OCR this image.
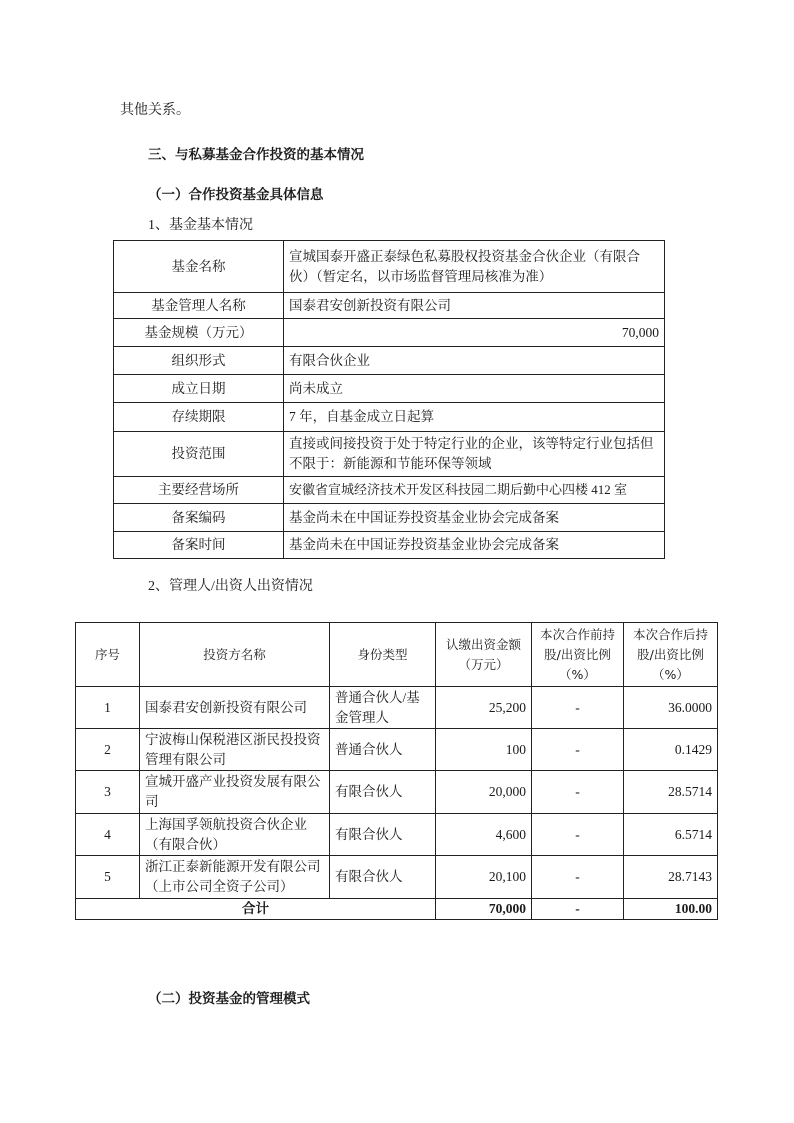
其他关系。
三、与私募基金合作投资的基本情况
（一）合作投资基金具体信息
1、基金基本情况
基金名称	宣城国泰开盛正泰绿色私募股权投资基金合伙企业（有限合伙）（暂定名，以市场监督管理局核准为准）
基金管理人名称	国泰君安创新投资有限公司
基金规模（万元）	70,000
组织形式	有限合伙企业
成立日期	尚未成立
存续期限	7 年，自基金成立日起算
投资范围	直接或间接投资于处于特定行业的企业，该等特定行业包括但不限于：新能源和节能环保等领域
主要经营场所	安徽省宣城经济技术开发区科技园二期后勤中心四楼 412 室
备案编码	基金尚未在中国证券投资基金业协会完成备案
备案时间	基金尚未在中国证券投资基金业协会完成备案
2、管理人/出资人出资情况
序号	投资方名称	身份类型	认缴出资金额（万元）	本次合作前持股/出资比例（%）	本次合作后持股/出资比例（%）
1	国泰君安创新投资有限公司	普通合伙人/基金管理人	25,200	-	36.0000
2	宁波梅山保税港区浙民投投资管理有限公司	普通合伙人	100	-	0.1429
3	宣城开盛产业投资发展有限公司	有限合伙人	20,000	-	28.5714
4	上海国孚领航投资合伙企业（有限合伙）	有限合伙人	4,600	-	6.5714
5	浙江正泰新能源开发有限公司（上市公司全资子公司）	有限合伙人	20,100	-	28.7143
合计			70,000	-	100.00
（二）投资基金的管理模式
